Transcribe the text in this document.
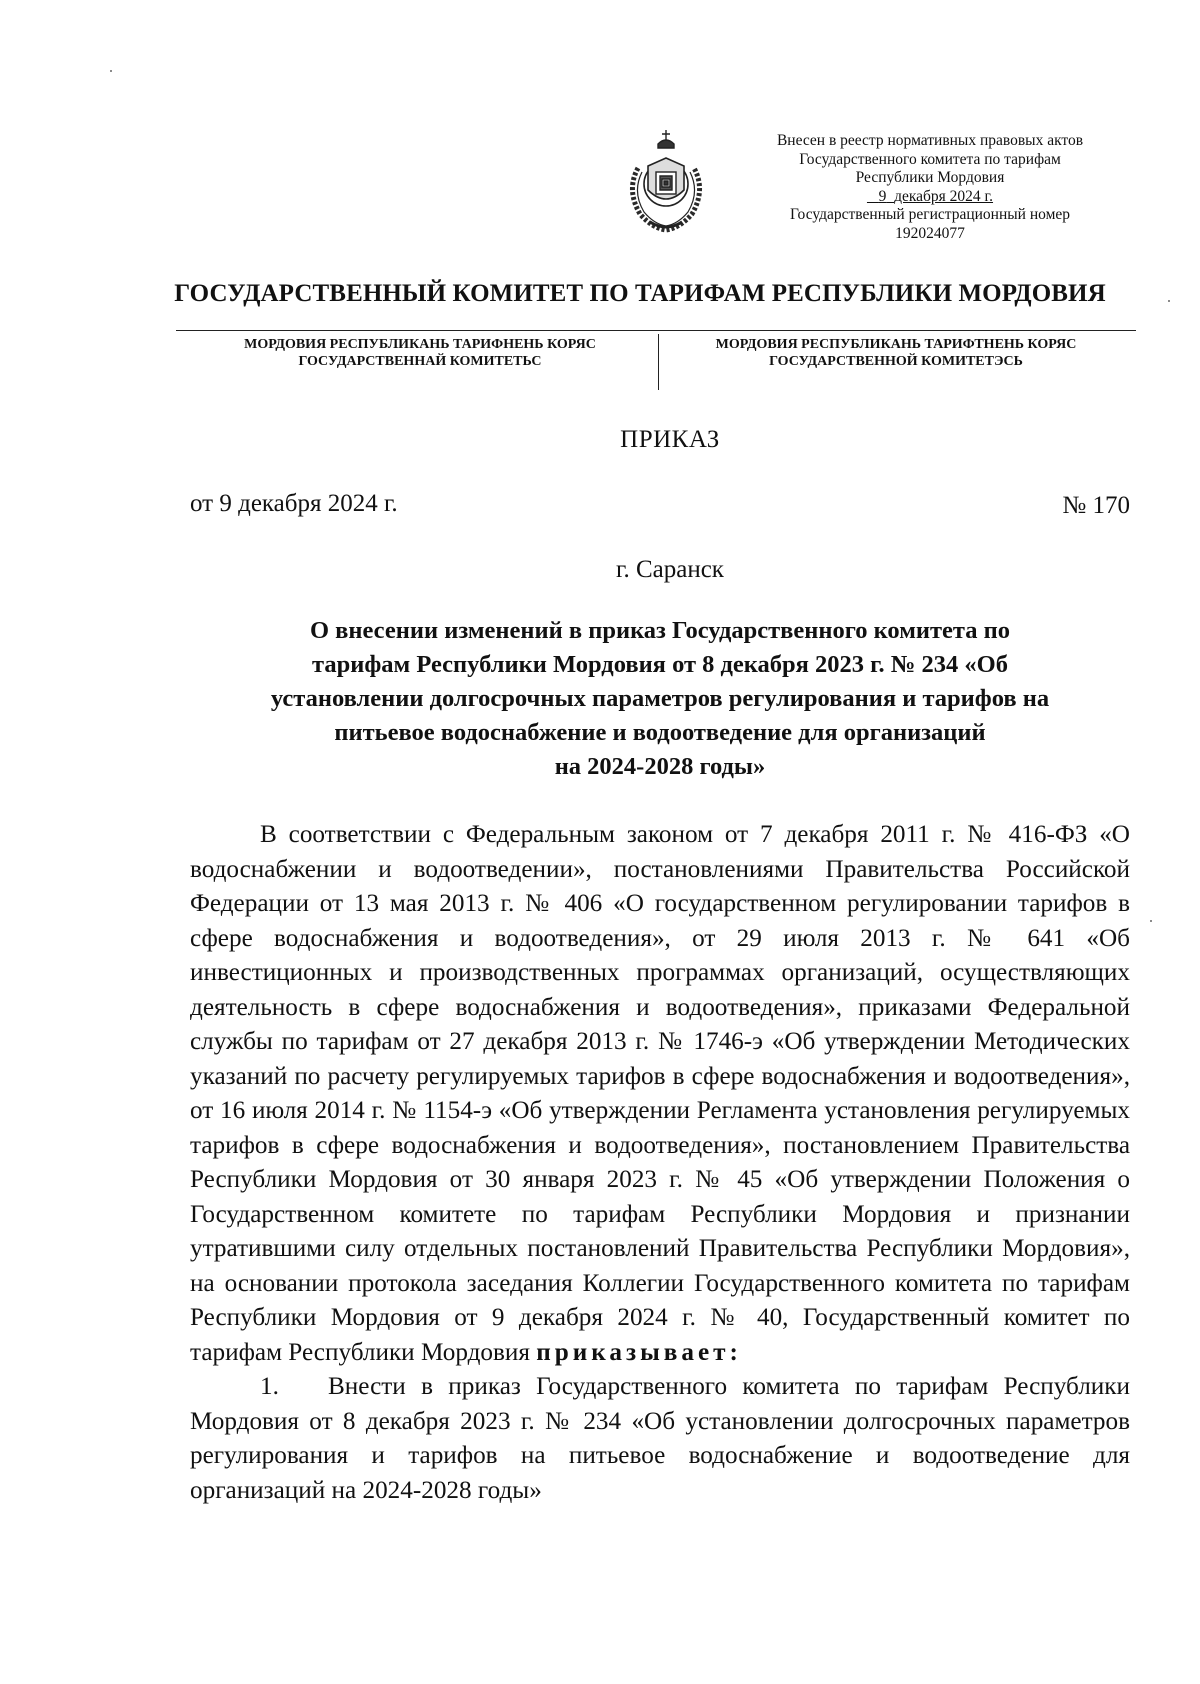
Внесен в реестр нормативных правовых актов
Государственного комитета по тарифам
Республики Мордовия
9 декабря 2024 г.
Государственный регистрационный номер
192024077
ГОСУДАРСТВЕННЫЙ КОМИТЕТ ПО ТАРИФАМ РЕСПУБЛИКИ МОРДОВИЯ
МОРДОВИЯ РЕСПУБЛИКАНЬ ТАРИФНЕНЬ КОРЯС
ГОСУДАРСТВЕННАЙ КОМИТЕТЬС
МОРДОВИЯ РЕСПУБЛИКАНЬ ТАРИФТНЕНЬ КОРЯС
ГОСУДАРСТВЕННОЙ КОМИТЕТЭСЬ
ПРИКАЗ
от 9 декабря 2024 г.	№ 170
г. Саранск
О внесении изменений в приказ Государственного комитета по
тарифам Республики Мордовия от 8 декабря 2023 г. № 234 «Об
установлении долгосрочных параметров регулирования и тарифов на
питьевое водоснабжение и водоотведение для организаций
на 2024-2028 годы»

В соответствии с Федеральным законом от 7 декабря 2011 г. № 416-ФЗ «О водоснабжении и водоотведении», постановлениями Правительства Российской Федерации от 13 мая 2013 г. № 406 «О государственном регулировании тарифов в сфере водоснабжения и водоотведения», от 29 июля 2013 г. № 641 «Об инвестиционных и производственных программах организаций, осуществляющих деятельность в сфере водоснабжения и водоотведения», приказами Федеральной службы по тарифам от 27 декабря 2013 г. № 1746-э «Об утверждении Методических указаний по расчету регулируемых тарифов в сфере водоснабжения и водоотведения», от 16 июля 2014 г. № 1154-э «Об утверждении Регламента установления регулируемых тарифов в сфере водоснабжения и водоотведения», постановлением Правительства Республики Мордовия от 30 января 2023 г. № 45 «Об утверждении Положения о Государственном комитете по тарифам Республики Мордовия и признании утратившими силу отдельных постановлений Правительства Республики Мордовия», на основании протокола заседания Коллегии Государственного комитета по тарифам Республики Мордовия от 9 декабря 2024 г. № 40, Государственный комитет по тарифам Республики Мордовия приказывает:

1. Внести в приказ Государственного комитета по тарифам Республики Мордовия от 8 декабря 2023 г. № 234 «Об установлении долгосрочных параметров регулирования и тарифов на питьевое водоснабжение и водоотведение для организаций на 2024-2028 годы»
